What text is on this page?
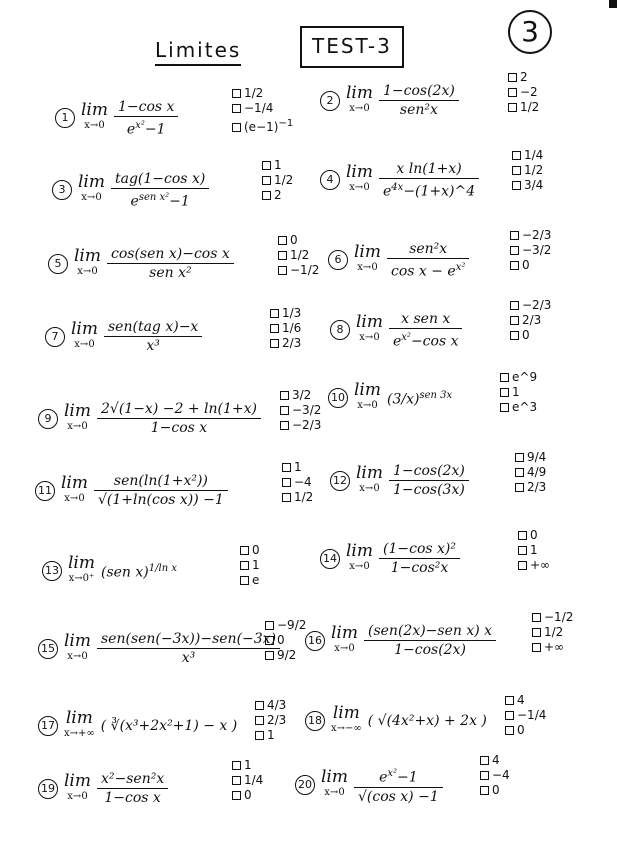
Limites	TEST-3	3
1 lim
$x\to 0 \frac{\text{1−cos x}}{e^{x^2}-1}$
1/2
−1/4
$(e-1)^{-1}$
2 lim
$x\to 0 \frac{1-\cos(2x)}{\text{sen²x}}$
2
−2
1/2
3 lim
$x\to 0 \frac{\text{tag(1−cos x)}}{e^{sen x^2}-1}$
1
1/2
2
4 lim
$x\to 0 \frac{\text{x ln(1+x)}}{e^{4x}-(1+x)\^{}4}$
1/4
1/2
3/4
5 lim
$x\to 0 \frac{\text{cos(sen x)−cos x}}{\text{sen x²}}$
0
1/2
−1/2
6 lim
$x\to 0 \frac{\text{sen²x}}{\cos x - e^{x^2}}$
−2/3
−3/2
0
7 lim
$x\to 0 \frac{\text{sen(tag x)−x}}{\text{x³}}$
1/3
1/6
2/3
8 lim
$x\to 0 \frac{\text{x sen x}}{e^{x^2}-\cos x}$
−2/3
2/3
0
9 lim
$x\to 0 \frac{2√(1-x) -2 + \ln(1+x)}{\text{1−cos x}}$
3/2
−3/2
−2/3
10 lim
x→0 $(3/x)^{sen 3x}$
e^9
1
e^3
11 lim
$x\to 0 \frac{\text{sen(ln(1+x²))}}{\text{√(1+ln(cos x)) −1}}$
1
−4
1/2
12 lim
$x\to 0 \frac{1-\cos(2x)}{1-\cos(3x)}$
9/4
4/9
2/3
13 lim
x→0⁺ (sen x)$^{1/ln x}$
0
1
e
14 lim
$x\to 0 \frac{\text{(1−cos x)²}}{\text{1−cos²x}}$
0
1
+∞
15 lim
$x\to 0 \frac{\text{sen(sen(−3x))−sen(−3x)}}{\text{x³}}$
−9/2
0
9/2
16 lim
$x\to 0 \frac{\text{(sen(2x)−sen x) x}}{1-\cos(2x)}$
−1/2
1/2
+∞
17 lim
x→+∞ ( ∛(x³+2x²+1) − x )
4/3
2/3
1
18 lim
x→−∞ ( √(4x²+x) + 2x )
4
−1/4
0
19 lim
$x\to 0 \frac{\text{x²−sen²x}}{\text{1−cos x}}$
1
1/4
0
20 lim
$x\to 0 \frac{e^{x^2}-1}{\text{√(cos x) −1}}$
4
−4
0
